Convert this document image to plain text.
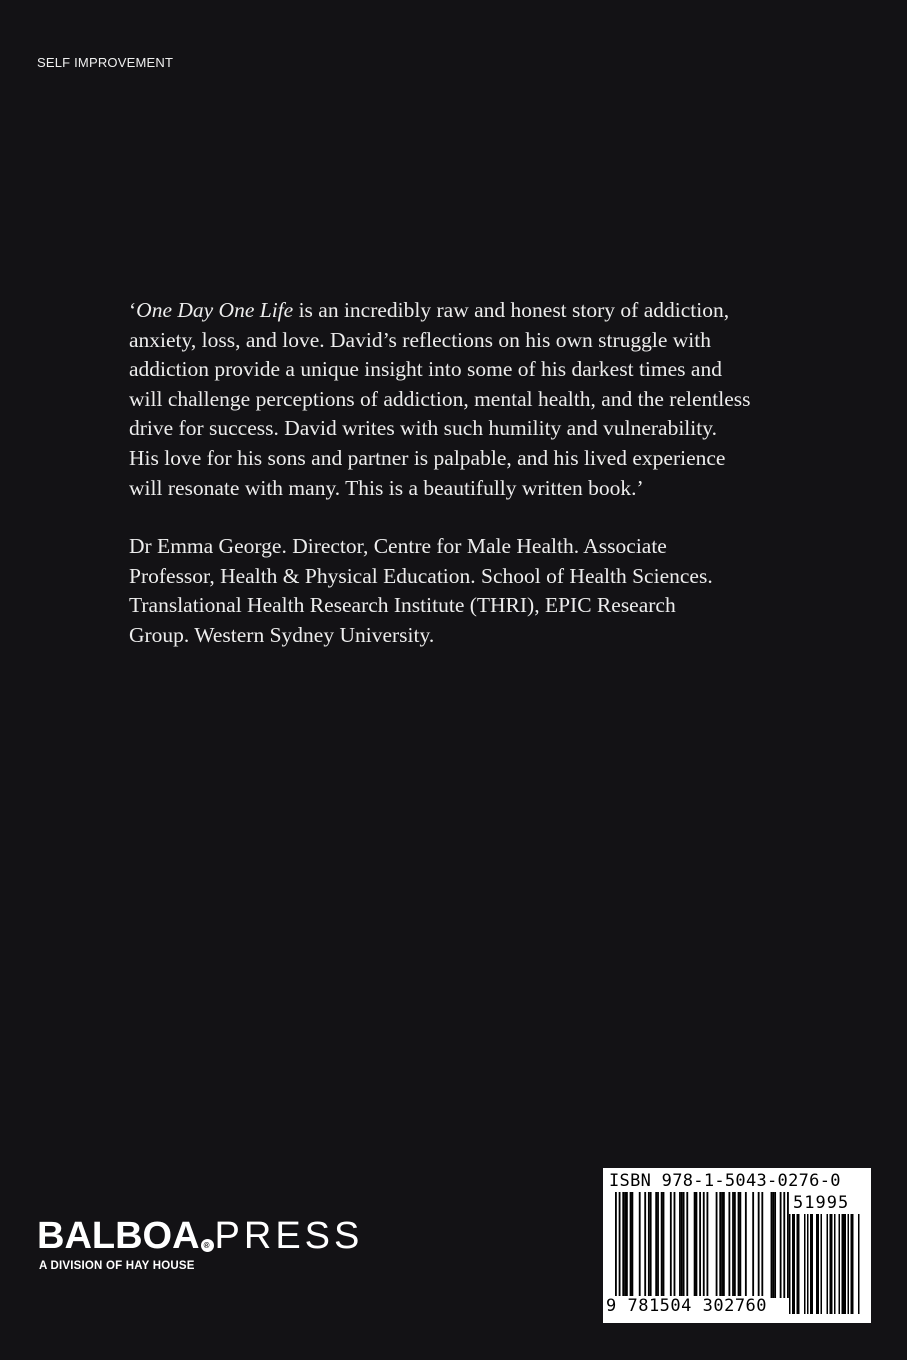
SELF IMPROVEMENT

‘One Day One Life is an incredibly raw and honest story of addiction,

anxiety, loss, and love. David’s reflections on his own struggle with

addiction provide a unique insight into some of his darkest times and

will challenge perceptions of addiction, mental health, and the relentless

drive for success. David writes with such humility and vulnerability.

His love for his sons and partner is palpable, and his lived experience

will resonate with many. This is a beautifully written book.’

Dr Emma George. Director, Centre for Male Health. Associate

Professor, Health & Physical Education. School of Health Sciences.

Translational Health Research Institute (THRI), EPIC Research

Group. Western Sydney University.

BALBOA ® PRESS
A DIVISION OF HAY HOUSE
ISBN 978-1-5043-0276-0
51995
9 781504 302760
